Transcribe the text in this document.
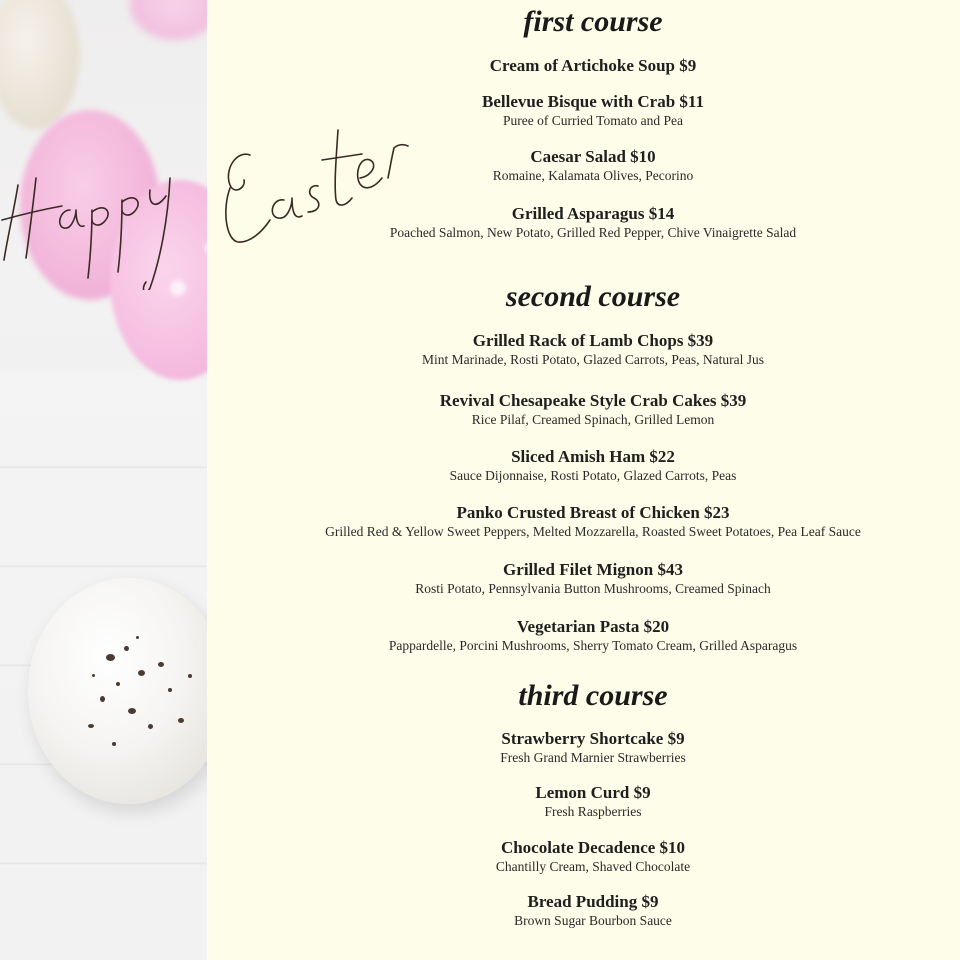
first course
Cream of Artichoke Soup $9
Bellevue Bisque with Crab $11
Puree of Curried Tomato and Pea
Caesar Salad $10
Romaine, Kalamata Olives, Pecorino
Grilled Asparagus $14
Poached Salmon, New Potato, Grilled Red Pepper, Chive Vinaigrette Salad
second course
Grilled Rack of Lamb Chops $39
Mint Marinade, Rosti Potato, Glazed Carrots, Peas, Natural Jus
Revival Chesapeake Style Crab Cakes $39
Rice Pilaf, Creamed Spinach, Grilled Lemon
Sliced Amish Ham $22
Sauce Dijonnaise, Rosti Potato, Glazed Carrots, Peas
Panko Crusted Breast of Chicken $23
Grilled Red & Yellow Sweet Peppers, Melted Mozzarella, Roasted Sweet Potatoes, Pea Leaf Sauce
Grilled Filet Mignon $43
Rosti Potato, Pennsylvania Button Mushrooms, Creamed Spinach
Vegetarian Pasta $20
Pappardelle, Porcini Mushrooms, Sherry Tomato Cream, Grilled Asparagus
third course
Strawberry Shortcake $9
Fresh Grand Marnier Strawberries
Lemon Curd $9
Fresh Raspberries
Chocolate Decadence $10
Chantilly Cream, Shaved Chocolate
Bread Pudding $9
Brown Sugar Bourbon Sauce
